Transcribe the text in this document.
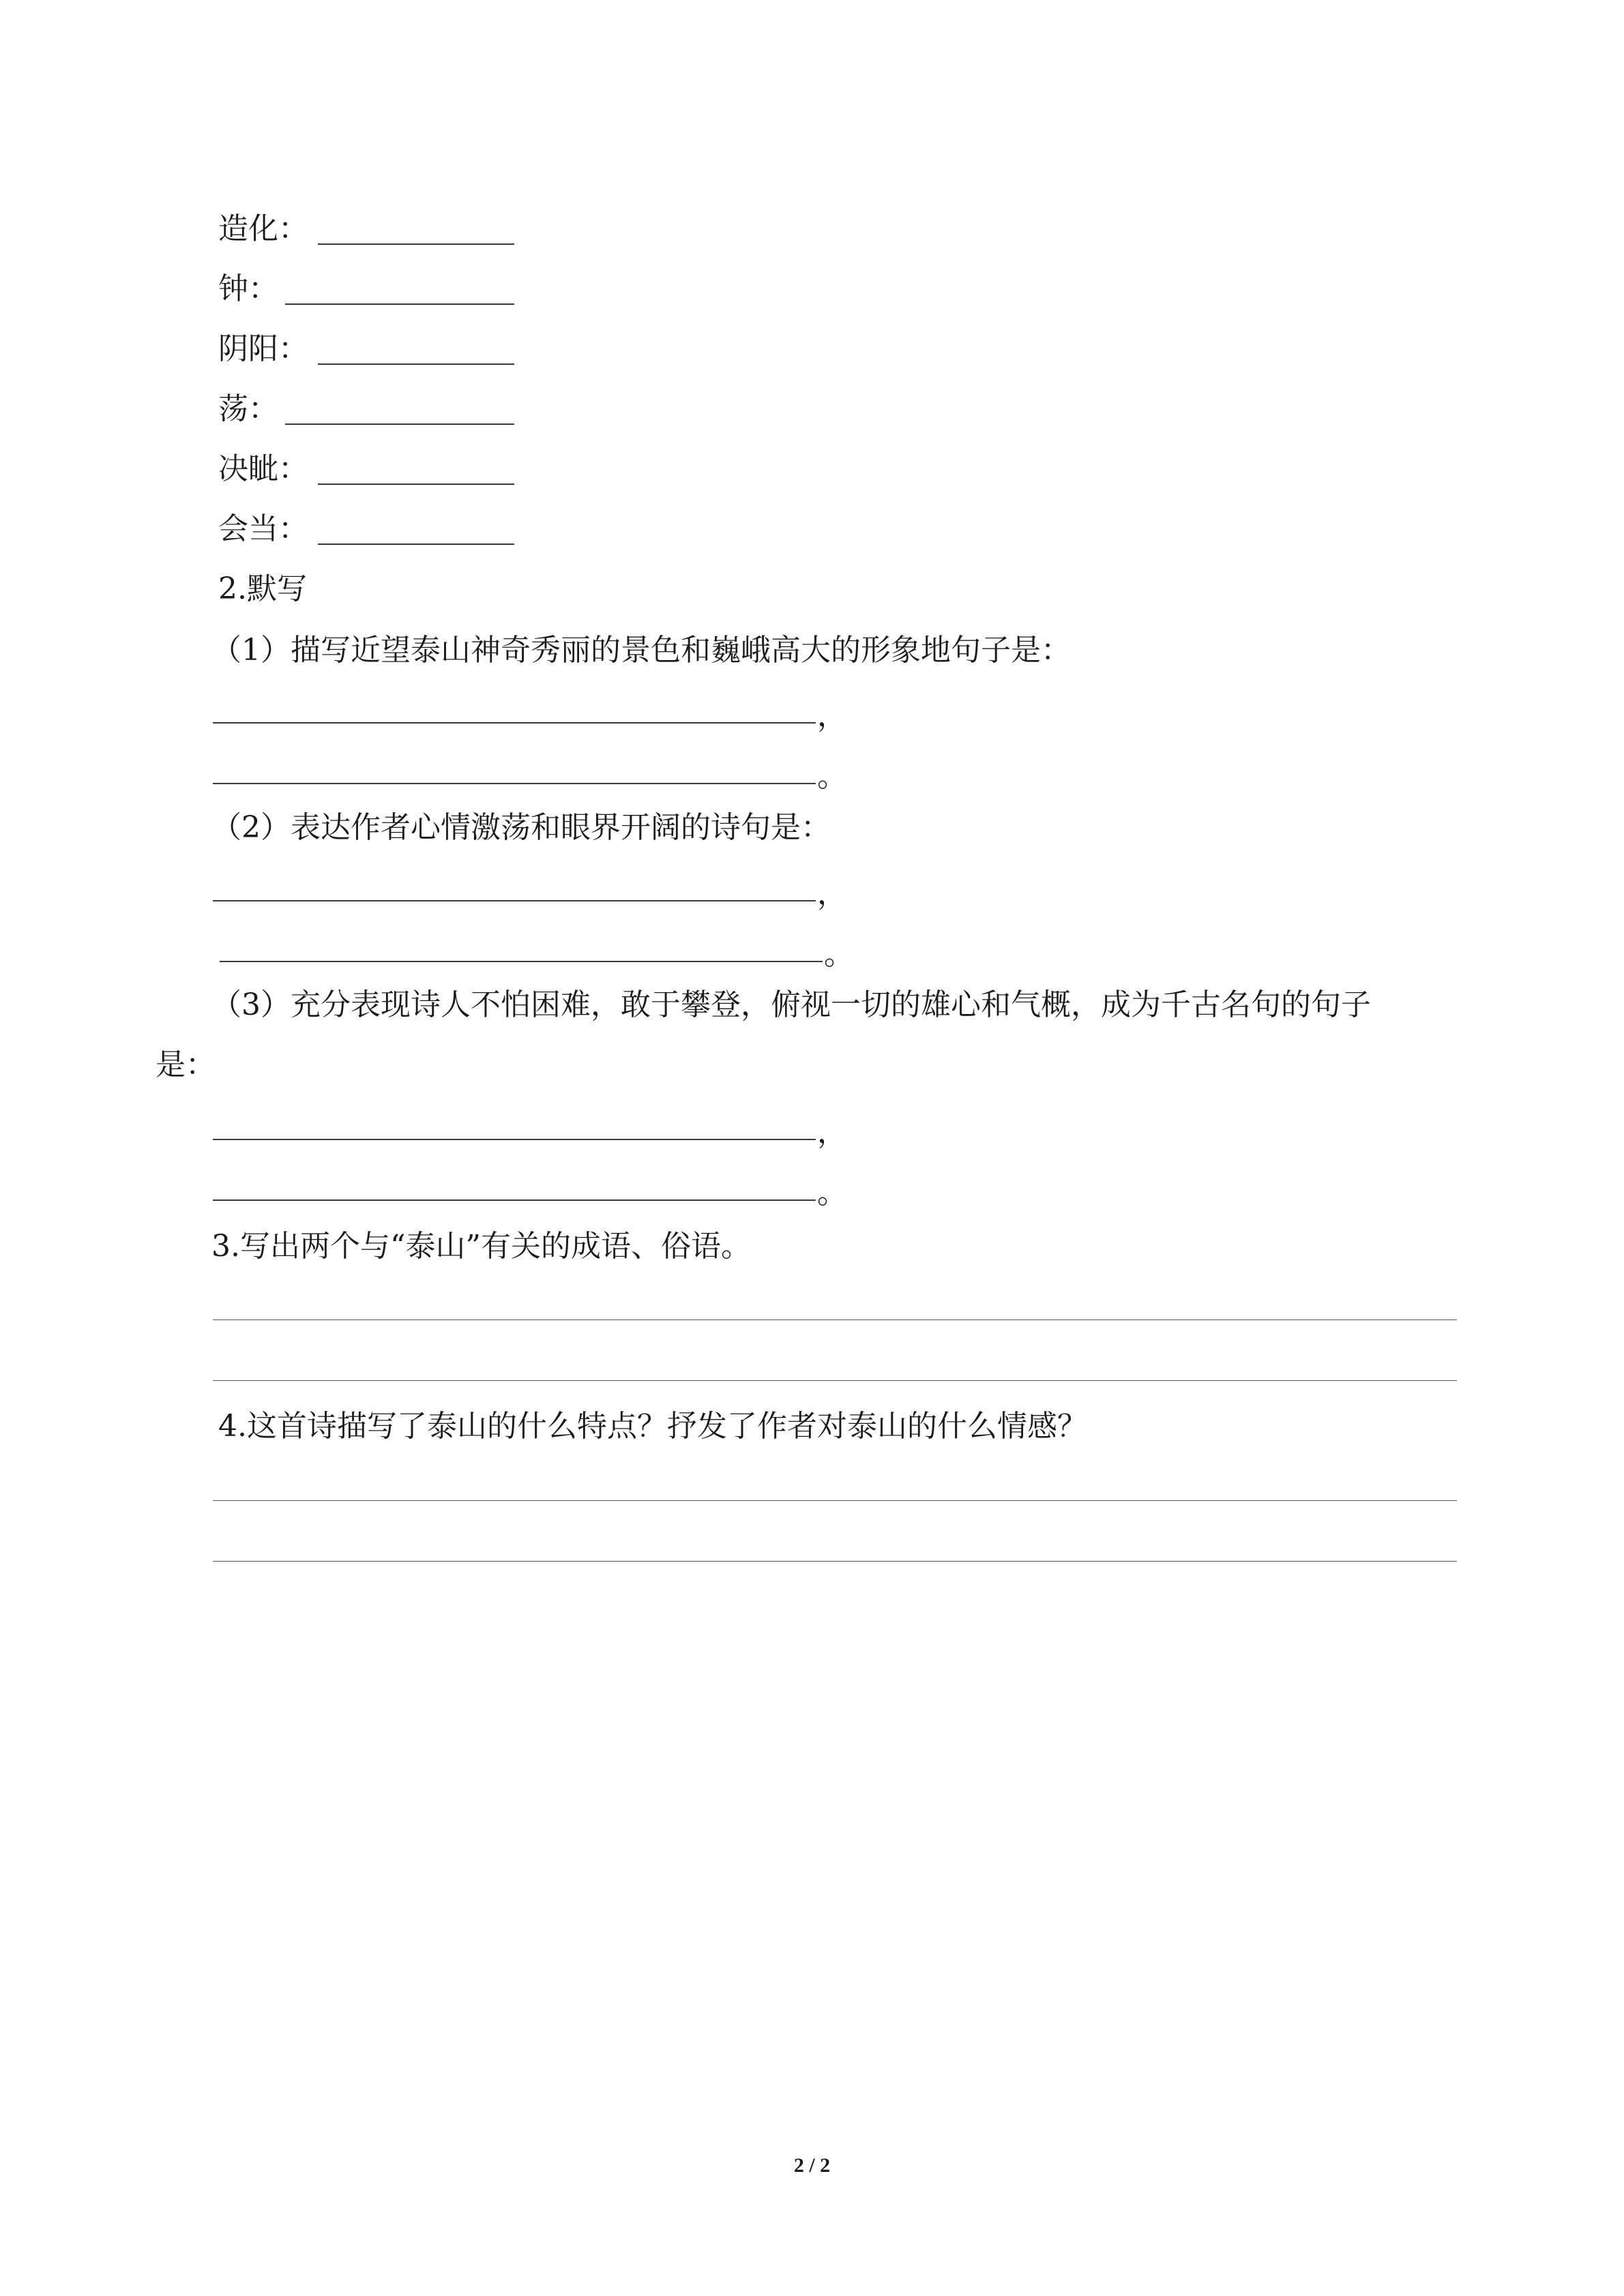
造化：
钟：
阴阳：
荡：
决眦：
会当：
2.默写
（1）描写近望泰山神奇秀丽的景色和巍峨高大的形象地句子是：
，
。
（2）表达作者心情激荡和眼界开阔的诗句是：
，
。
（3）充分表现诗人不怕困难，敢于攀登，俯视一切的雄心和气概，成为千古名句的句子
是：
，
。
3.写出两个与“泰山”有关的成语、俗语。
4.这首诗描写了泰山的什么特点？抒发了作者对泰山的什么情感？
2 / 2
